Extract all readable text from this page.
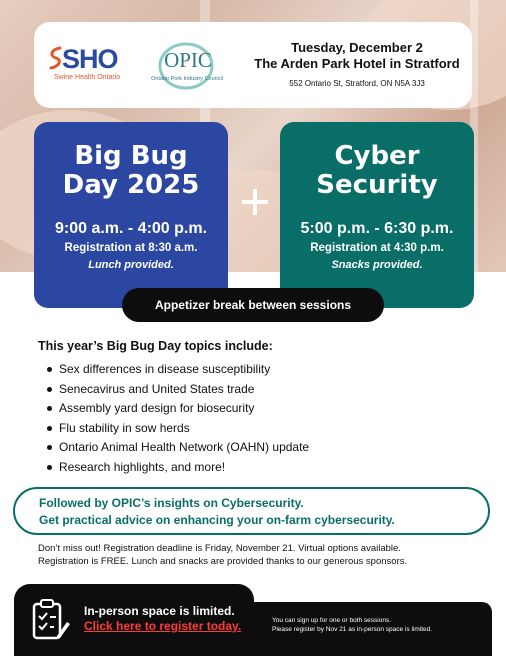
SHO
Swine Health Ontario
OPIC
Ontario Pork Industry Council
Tuesday, December 2
The Arden Park Hotel in Stratford
552 Ontario St, Stratford, ON N5A 3J3
Big Bug
Day 2025
9:00 a.m. - 4:00 p.m.
Registration at 8:30 a.m.
Lunch provided.
Cyber
Security
5:00 p.m. - 6:30 p.m.
Registration at 4:30 p.m.
Snacks provided.
Appetizer break between sessions
This year’s Big Bug Day topics include:
Sex differences in disease susceptibility
Senecavirus and United States trade
Assembly yard design for biosecurity
Flu stability in sow herds
Ontario Animal Health Network (OAHN) update
Research highlights, and more!
Followed by OPIC’s insights on Cybersecurity.
Get practical advice on enhancing your on-farm cybersecurity.
Don’t miss out! Registration deadline is Friday, November 21. Virtual options available.
Registration is FREE. Lunch and snacks are provided thanks to our generous sponsors.
In-person space is limited.
Click here to register today.	You can sign up for one or both sessions.
Please register by Nov 21 as in-person space is limited.
